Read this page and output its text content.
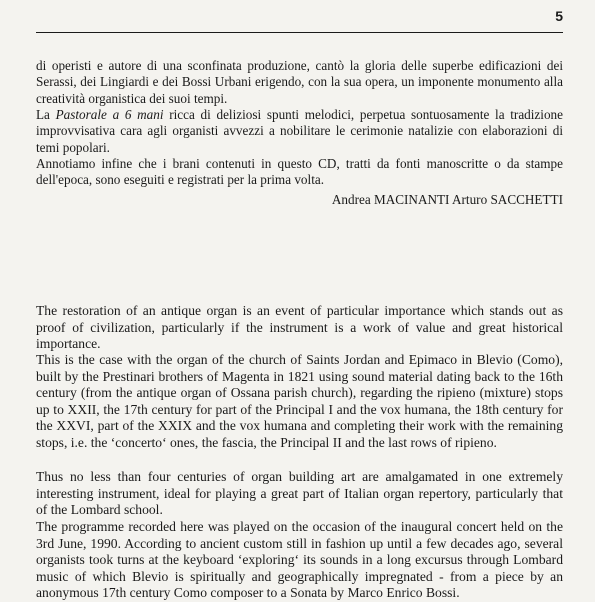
5

di operisti e autore di una sconfinata produzione, cantò la gloria delle superbe edificazioni dei Serassi, dei Lingiardi e dei Bossi Urbani erigendo, con la sua opera, un imponente monumento alla creatività organistica dei suoi tempi.

La Pastorale a 6 mani ricca di deliziosi spunti melodici, perpetua sontuosamente la tradizione improvvisativa cara agli organisti avvezzi a nobilitare le cerimonie natalizie con elaborazioni di temi popolari.

Annotiamo infine che i brani contenuti in questo CD, tratti da fonti manoscritte o da stampe dell'epoca, sono eseguiti e registrati per la prima volta.

Andrea MACINANTI Arturo SACCHETTI

The restoration of an antique organ is an event of particular importance which stands out as proof of civilization, particularly if the instrument is a work of value and great historical importance.

This is the case with the organ of the church of Saints Jordan and Epimaco in Blevio (Como), built by the Prestinari brothers of Magenta in 1821 using sound material dating back to the 16th century (from the antique organ of Ossana parish church), regarding the ripieno (mixture) stops up to XXII, the 17th century for part of the Principal I and the vox humana, the 18th century for the XXVI, part of the XXIX and the vox humana and completing their work with the remaining stops, i.e. the ‘concerto‘ ones, the fascia, the Principal II and the last rows of ripieno.

Thus no less than four centuries of organ building art are amalgamated in one extremely interesting instrument, ideal for playing a great part of Italian organ repertory, particularly that of the Lombard school.

The programme recorded here was played on the occasion of the inaugural concert held on the 3rd June, 1990. According to ancient custom still in fashion up until a few decades ago, several organists took turns at the keyboard ‘exploring‘ its sounds in a long excursus through Lombard music of which Blevio is spiritually and geographically impregnated - from a piece by an anonymous 17th century Como composer to a Sonata by Marco Enrico Bossi.
